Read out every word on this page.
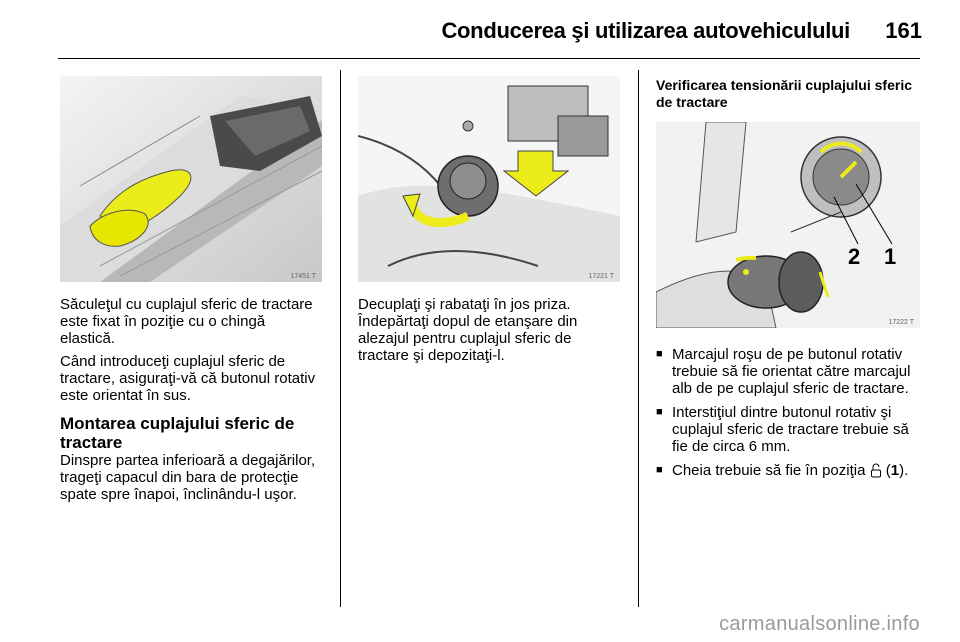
Conducerea şi utilizarea autovehiculului 161
17451 T	17221 T
2 1
17222 T

Săculeţul cu cuplajul sferic de tractare este fixat în poziţie cu o chingă elastică.

Când introduceţi cuplajul sferic de tractare, asiguraţi-vă că butonul rotativ este orientat în sus.

Montarea cuplajului sferic de tractare

Dinspre partea inferioară a degajărilor, trageţi capacul din bara de protecţie spate spre înapoi, înclinându-l uşor.

Decuplaţi şi rabataţi în jos priza. Îndepărtaţi dopul de etanşare din alezajul pentru cuplajul sferic de tractare şi depozitaţi-l.

Verificarea tensionării cuplajului sferic de tractare
■ Marcajul roşu de pe butonul rotativ trebuie să fie orientat către marcajul alb de pe cuplajul sferic de tractare.
■ Interstiţiul dintre butonul rotativ şi cuplajul sferic de tractare trebuie să fie de circa 6 mm.
■ Cheia trebuie să fie în poziţia  (1).
carmanualsonline.info
